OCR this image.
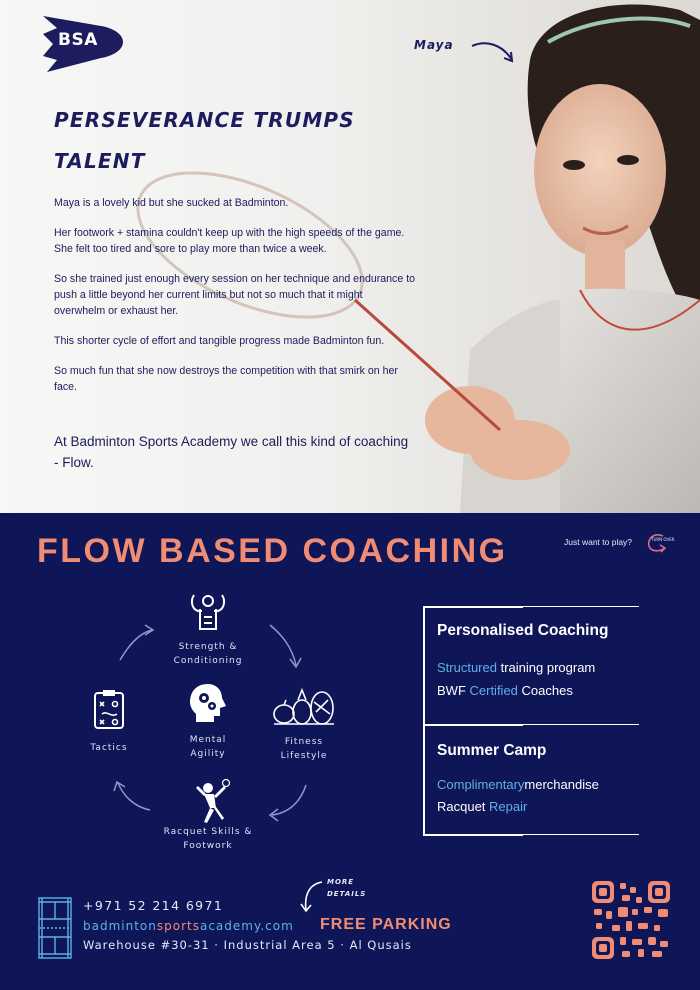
BSA	Maya
PERSEVERANCE TRUMPS
TALENT

Maya is a lovely kid but she sucked at Badminton.

Her footwork + stamina couldn't keep up with the high speeds of the game. She felt too tired and sore to play more than twice a week.

So she trained just enough every session on her technique and endurance to push a little beyond her current limits but not so much that it might overwhelm or exhaust her.

This shorter cycle of effort and tangible progress made Badminton fun.

So much fun that she now destroys the competition with that smirk on her face.

At Badminton Sports Academy we call this kind of coaching - Flow.
FLOW BASED COACHING	Just want to play?	TURN OVER
Strength &
Conditioning
Fitness
Lifestyle
Racquet Skills &
Footwork
Tactics
Mental
Agility
Personalised Coaching
Structured training program
BWF Certified Coaches
Summer Camp
Complimentarymerchandise
Racquet Repair
+971 52 214 6971
badmintonsportsacademy.com
Warehouse #30-31 · Industrial Area 5 · Al Qusais
MORE
DETAILS
FREE PARKING
